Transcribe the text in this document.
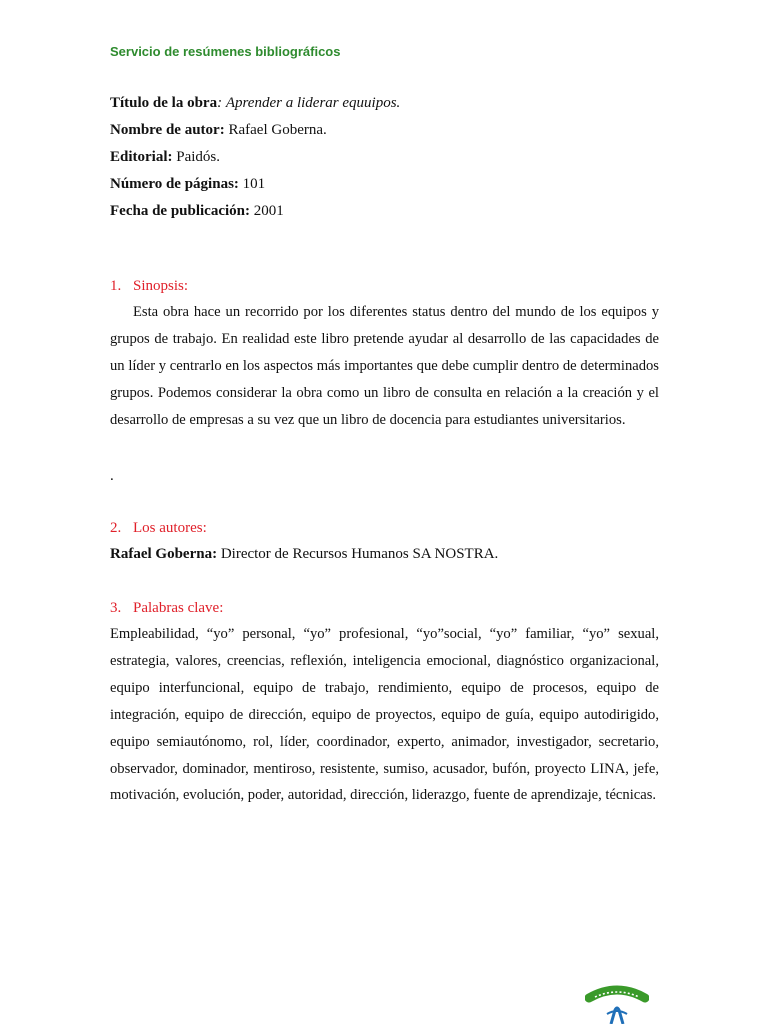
Servicio de resúmenes bibliográficos
Título de la obra: Aprender a liderar equuipos.
Nombre de autor: Rafael Goberna.
Editorial: Paidós.
Número de páginas: 101
Fecha de publicación: 2001
1. Sinopsis:
Esta obra hace un recorrido por los diferentes status dentro del mundo de los equipos y grupos de trabajo. En realidad este libro pretende ayudar al desarrollo de las capacidades de un líder y centrarlo en los aspectos más importantes que debe cumplir dentro de determinados grupos. Podemos considerar la obra como un libro de consulta en relación a la creación y el desarrollo de empresas a su vez que un libro de docencia para estudiantes universitarios.
.
2. Los autores:
Rafael Goberna: Director de Recursos Humanos SA NOSTRA.
3. Palabras clave:
Empleabilidad, “yo” personal, “yo” profesional, “yo”social, “yo” familiar, “yo” sexual, estrategia, valores, creencias, reflexión, inteligencia emocional, diagnóstico organizacional, equipo interfuncional, equipo de trabajo, rendimiento, equipo de procesos, equipo de integración, equipo de dirección, equipo de proyectos, equipo de guía, equipo autodirigido, equipo semiautónomo, rol, líder, coordinador, experto, animador, investigador, secretario, observador, dominador, mentiroso, resistente, sumiso, acusador, bufón, proyecto LINA, jefe, motivación, evolución, poder, autoridad, dirección, liderazgo, fuente de aprendizaje, técnicas.
